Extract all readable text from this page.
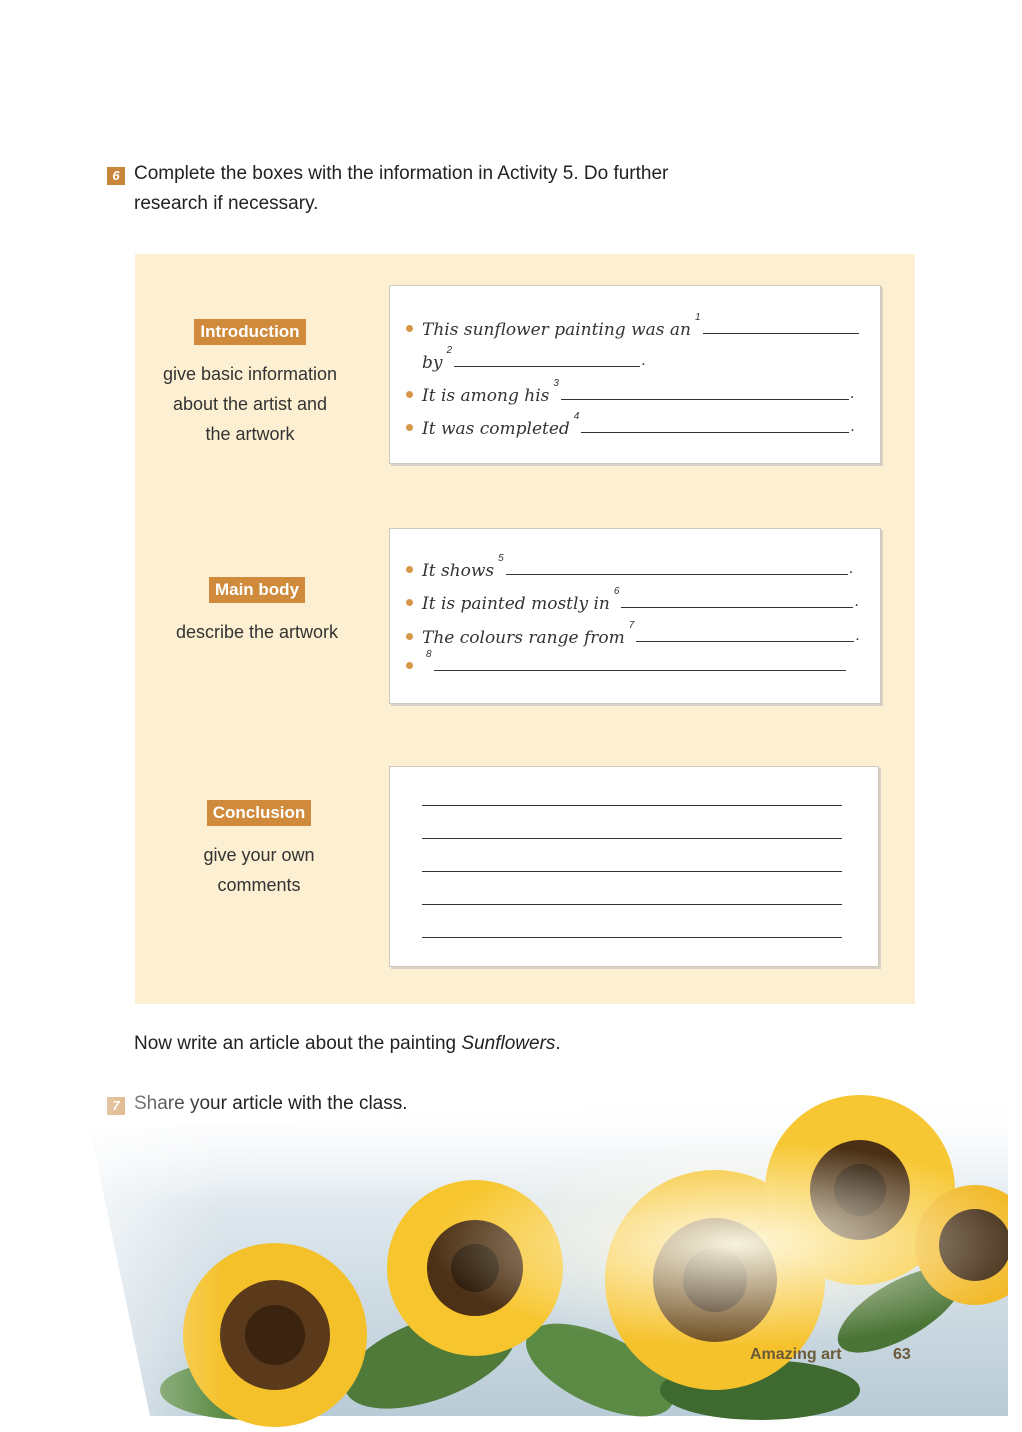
6 Complete the boxes with the information in Activity 5. Do further
research if necessary.
Introduction
give basic information
about the artist and
the artwork
This sunflower painting was an
1
by
2
.
It is among his
3
.
It was completed
4
.
Main body
describe the artwork
It shows
5
.
It is painted mostly in
6
.
The colours range from
7
.
8
Conclusion
give your own
comments
Now write an article about the painting Sunflowers.
Amazing art	63
